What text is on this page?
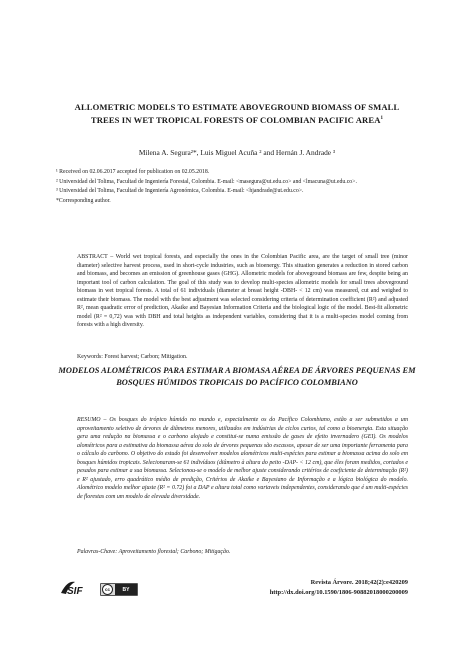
ALLOMETRIC MODELS TO ESTIMATE ABOVEGROUND BIOMASS OF SMALL TREES IN WET TROPICAL FORESTS OF COLOMBIAN PACIFIC AREA$^1$
Milena A. Segura²*, Luis Miguel Acuña ² and Hernán J. Andrade ³
¹ Received on 02.06.2017 accepted for publication on 02.05.2018.
² Universidad del Tolima, Facultad de Ingeniería Forestal, Colombia. E-mail: <masegura@ut.edu.co> and <lmacuna@ut.edu.co>.
³ Universidad del Tolima, Facultad de Ingeniería Agronómica, Colombia. E-mail: <hjandrade@ut.edu.co>.
*Corresponding author.

ABSTRACT – World wet tropical forests, and especially the ones in the Colombian Pacific area, are the target of small tree (minor diameter) selective harvest process, used in short-cycle industries, such as bioenergy. This situation generates a reduction in stored carbon and biomass, and becomes an emission of greenhouse gases (GHG). Allometric models for aboveground biomass are few, despite being an important tool of carbon calculation. The goal of this study was to develop multi-species allometric models for small trees aboveground biomass in wet tropical forests. A total of 61 individuals (diameter at breast height -DBH- < 12 cm) was measured, cut and weighed to estimate their biomass. The model with the best adjustment was selected considering criteria of determination coefficient (R²) and adjusted R², mean quadratic error of prediction, Akaike and Bayesian Information Criteria and the biological logic of the model. Best-fit allometric model (R² = 0,72) was with DBH and total heights as independent variables, considering that it is a multi-species model coming from forests with a high diversity.

Keywords: Forest harvest; Carbon; Mitigation.
MODELOS ALOMÉTRICOS PARA ESTIMAR A BIOMASA AÉREA DE ÁRVORES PEQUENAS EM BOSQUES HÚMIDOS TROPICAIS DO PACÍFICO COLOMBIANO

RESUMO – Os bosques do trópico húmido no mundo e, especialmente os do Pacífico Colombiano, estão a ser submetidos a um aproveitamento seletivo de árvores de diâmetros menores, utilizados em indústrias de ciclos curtos, tal como a bioenergia. Esta situação gera uma redução na biomassa e o carbono alojado e constitui-se numa emissão de gases de efeito invernadero (GEI). Os modelos alométricos para a estimativa da biomassa aérea do solo de árvores pequenas são escassos, apesar de ser uma importante ferramenta para o cálculo do carbono. O objetivo do estudo foi desenvolver modelos alométricos multi-espécies para estimar a biomassa acima do solo em bosques húmidos tropicais. Selecionaram-se 61 indivíduos (diâmetro à altura do peito -DAP- < 12 cm), que éles foram medidos, cortados e pesados para estimar a sua biomassa. Selecionou-se o modelo de melhor ajuste considerando critérios de coeficiente de determinação (R²) e R² ajustado, erro quadrático médio de predição, Critérios de Akaike e Bayesiano de Informação e a lógica biológica do modelo. Alométrico modelo melhor ajuste (R² = 0.72) foi a DAP e altura total como variaveis independentes, considerando que é um multi-espécies de florestas com um modelo de elevada diversidade.

Palavras-Chave: Aproveitamento florestal; Carbono; Mitigação.
SIF	cc	BY
Revista Árvore. 2018;42(2):e420209
http://dx.doi.org/10.1590/1806-90882018000200009
